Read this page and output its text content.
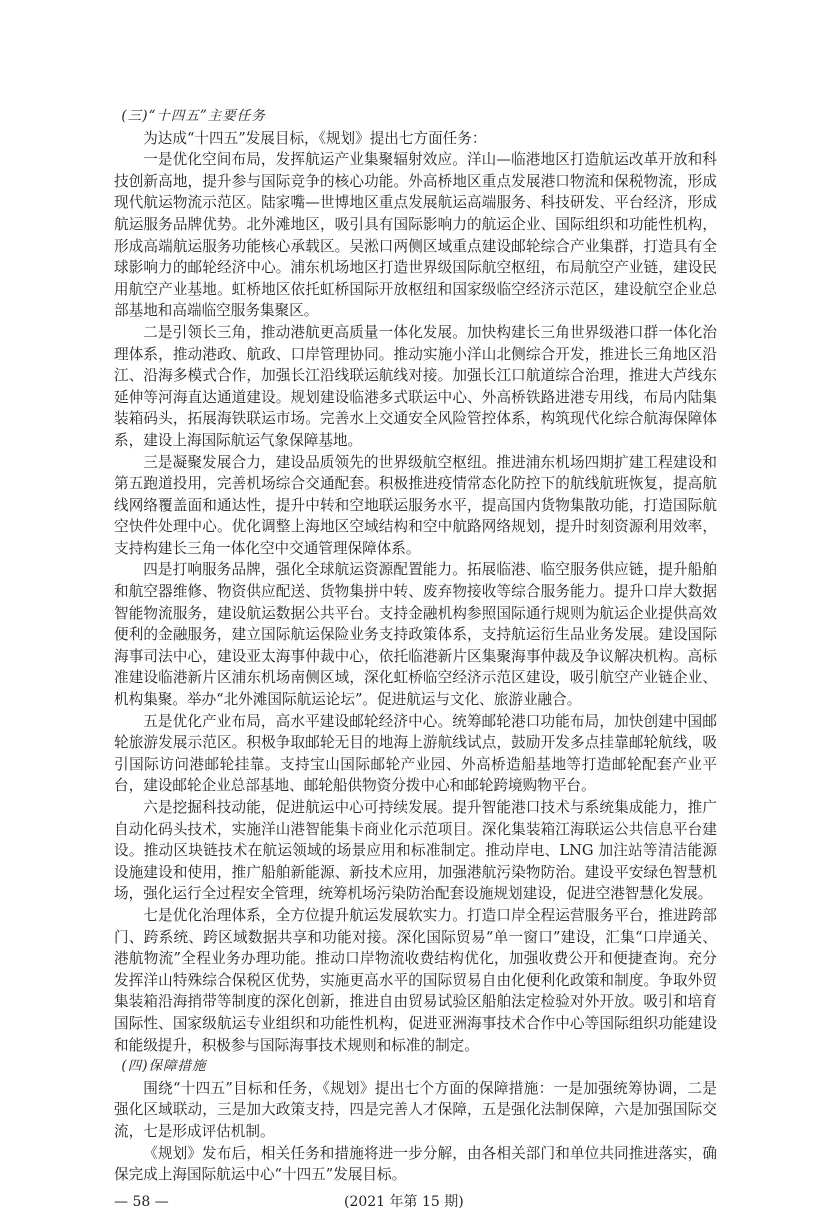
(三)“十四五”主要任务

为达成“十四五”发展目标，《规划》提出七方面任务：

一是优化空间布局，发挥航运产业集聚辐射效应。洋山—临港地区打造航运改革开放和科技创新高地，提升参与国际竞争的核心功能。外高桥地区重点发展港口物流和保税物流，形成现代航运物流示范区。陆家嘴—世博地区重点发展航运高端服务、科技研发、平台经济，形成航运服务品牌优势。北外滩地区，吸引具有国际影响力的航运企业、国际组织和功能性机构，形成高端航运服务功能核心承载区。吴淞口两侧区域重点建设邮轮综合产业集群，打造具有全球影响力的邮轮经济中心。浦东机场地区打造世界级国际航空枢纽，布局航空产业链，建设民用航空产业基地。虹桥地区依托虹桥国际开放枢纽和国家级临空经济示范区，建设航空企业总部基地和高端临空服务集聚区。

二是引领长三角，推动港航更高质量一体化发展。加快构建长三角世界级港口群一体化治理体系，推动港政、航政、口岸管理协同。推动实施小洋山北侧综合开发，推进长三角地区沿江、沿海多模式合作，加强长江沿线联运航线对接。加强长江口航道综合治理，推进大芦线东延伸等河海直达通道建设。规划建设临港多式联运中心、外高桥铁路进港专用线，布局内陆集装箱码头，拓展海铁联运市场。完善水上交通安全风险管控体系，构筑现代化综合航海保障体系，建设上海国际航运气象保障基地。

三是凝聚发展合力，建设品质领先的世界级航空枢纽。推进浦东机场四期扩建工程建设和第五跑道投用，完善机场综合交通配套。积极推进疫情常态化防控下的航线航班恢复，提高航线网络覆盖面和通达性，提升中转和空地联运服务水平，提高国内货物集散功能，打造国际航空快件处理中心。优化调整上海地区空域结构和空中航路网络规划，提升时刻资源利用效率，支持构建长三角一体化空中交通管理保障体系。

四是打响服务品牌，强化全球航运资源配置能力。拓展临港、临空服务供应链，提升船舶和航空器维修、物资供应配送、货物集拼中转、废弃物接收等综合服务能力。提升口岸大数据智能物流服务，建设航运数据公共平台。支持金融机构参照国际通行规则为航运企业提供高效便利的金融服务，建立国际航运保险业务支持政策体系，支持航运衍生品业务发展。建设国际海事司法中心，建设亚太海事仲裁中心，依托临港新片区集聚海事仲裁及争议解决机构。高标准建设临港新片区浦东机场南侧区域，深化虹桥临空经济示范区建设，吸引航空产业链企业、机构集聚。举办“北外滩国际航运论坛”。促进航运与文化、旅游业融合。

五是优化产业布局，高水平建设邮轮经济中心。统筹邮轮港口功能布局，加快创建中国邮轮旅游发展示范区。积极争取邮轮无目的地海上游航线试点，鼓励开发多点挂靠邮轮航线，吸引国际访问港邮轮挂靠。支持宝山国际邮轮产业园、外高桥造船基地等打造邮轮配套产业平台，建设邮轮企业总部基地、邮轮船供物资分拨中心和邮轮跨境购物平台。

六是挖掘科技动能，促进航运中心可持续发展。提升智能港口技术与系统集成能力，推广自动化码头技术，实施洋山港智能集卡商业化示范项目。深化集装箱江海联运公共信息平台建设。推动区块链技术在航运领域的场景应用和标准制定。推动岸电、LNG 加注站等清洁能源设施建设和使用，推广船舶新能源、新技术应用，加强港航污染物防治。建设平安绿色智慧机场，强化运行全过程安全管理，统筹机场污染防治配套设施规划建设，促进空港智慧化发展。

七是优化治理体系，全方位提升航运发展软实力。打造口岸全程运营服务平台，推进跨部门、跨系统、跨区域数据共享和功能对接。深化国际贸易“单一窗口”建设，汇集“口岸通关、港航物流”全程业务办理功能。推动口岸物流收费结构优化，加强收费公开和便捷查询。充分发挥洋山特殊综合保税区优势，实施更高水平的国际贸易自由化便利化政策和制度。争取外贸集装箱沿海捎带等制度的深化创新，推进自由贸易试验区船舶法定检验对外开放。吸引和培育国际性、国家级航运专业组织和功能性机构，促进亚洲海事技术合作中心等国际组织功能建设和能级提升，积极参与国际海事技术规则和标准的制定。

(四)保障措施

围绕“十四五”目标和任务，《规划》提出七个方面的保障措施：一是加强统筹协调，二是强化区域联动，三是加大政策支持，四是完善人才保障，五是强化法制保障，六是加强国际交流，七是形成评估机制。

《规划》发布后，相关任务和措施将进一步分解，由各相关部门和单位共同推进落实，确保完成上海国际航运中心“十四五”发展目标。

— 58 —	(2021 年第 15 期)
